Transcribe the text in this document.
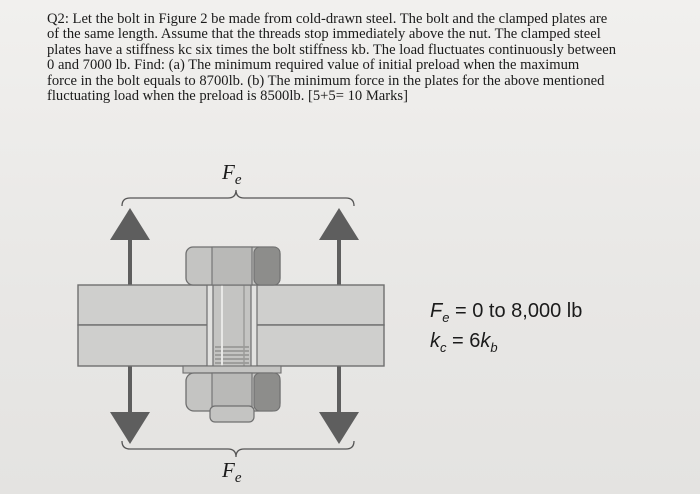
Q2: Let the bolt in Figure 2 be made from cold-drawn steel. The bolt and the clamped plates are
of the same length. Assume that the threads stop immediately above the nut. The clamped steel
plates have a stiffness kc six times the bolt stiffness kb. The load fluctuates continuously between
0 and 7000 lb. Find: (a) The minimum required value of initial preload when the maximum
force in the bolt equals to 8700lb. (b) The minimum force in the plates for the above mentioned
fluctuating load when the preload is 8500lb. [5+5= 10 Marks]
$F_e$
$F_e$
$F_e = 0$ to 8,000 lb
$k_c = 6k_b$
